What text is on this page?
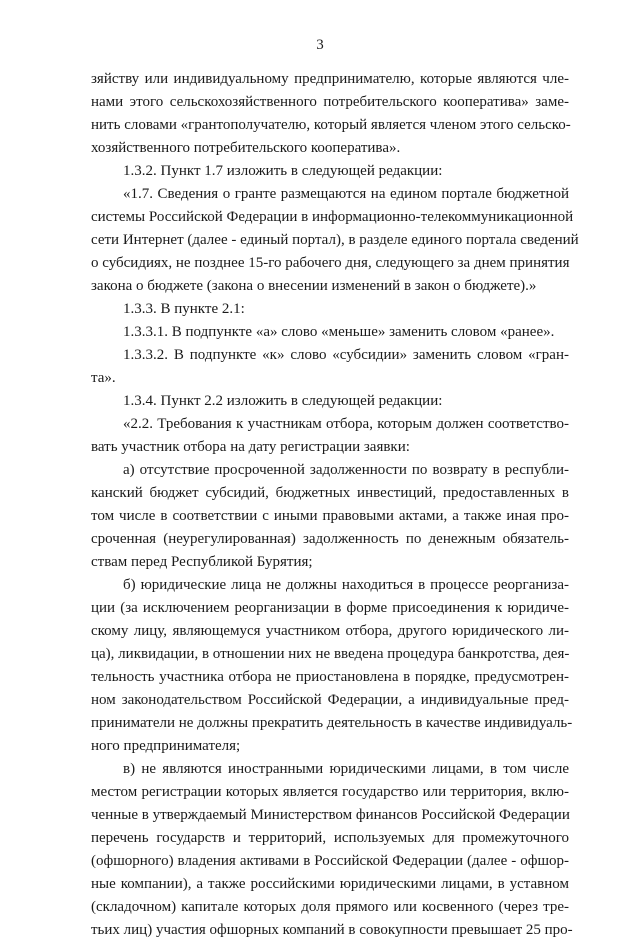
3
зяйству или индивидуальному предпринимателю, которые являются чле-
нами этого сельскохозяйственного потребительского кооператива» заме-
нить словами «грантополучателю, который является членом этого сельско-
хозяйственного потребительского кооператива».
1.3.2. Пункт 1.7 изложить в следующей редакции:
«1.7. Сведения о гранте размещаются на едином портале бюджетной
системы Российской Федерации в информационно-телекоммуникационной
сети Интернет (далее - единый портал), в разделе единого портала сведений
о субсидиях, не позднее 15-го рабочего дня, следующего за днем принятия
закона о бюджете (закона о внесении изменений в закон о бюджете).»
1.3.3. В пункте 2.1:
1.3.3.1. В подпункте «а» слово «меньше» заменить словом «ранее».
1.3.3.2. В подпункте «к» слово «субсидии» заменить словом «гран-
та».
1.3.4. Пункт 2.2 изложить в следующей редакции:
«2.2. Требования к участникам отбора, которым должен соответство-
вать участник отбора на дату регистрации заявки:
а) отсутствие просроченной задолженности по возврату в республи-
канский бюджет субсидий, бюджетных инвестиций, предоставленных в
том числе в соответствии с иными правовыми актами, а также иная про-
сроченная (неурегулированная) задолженность по денежным обязатель-
ствам перед Республикой Бурятия;
б) юридические лица не должны находиться в процессе реорганиза-
ции (за исключением реорганизации в форме присоединения к юридиче-
скому лицу, являющемуся участником отбора, другого юридического ли-
ца), ликвидации, в отношении них не введена процедура банкротства, дея-
тельность участника отбора не приостановлена в порядке, предусмотрен-
ном законодательством Российской Федерации, а индивидуальные пред-
приниматели не должны прекратить деятельность в качестве индивидуаль-
ного предпринимателя;
в) не являются иностранными юридическими лицами, в том числе
местом регистрации которых является государство или территория, вклю-
ченные в утверждаемый Министерством финансов Российской Федерации
перечень государств и территорий, используемых для промежуточного
(офшорного) владения активами в Российской Федерации (далее - офшор-
ные компании), а также российскими юридическими лицами, в уставном
(складочном) капитале которых доля прямого или косвенного (через тре-
тьих лиц) участия офшорных компаний в совокупности превышает 25 про-
